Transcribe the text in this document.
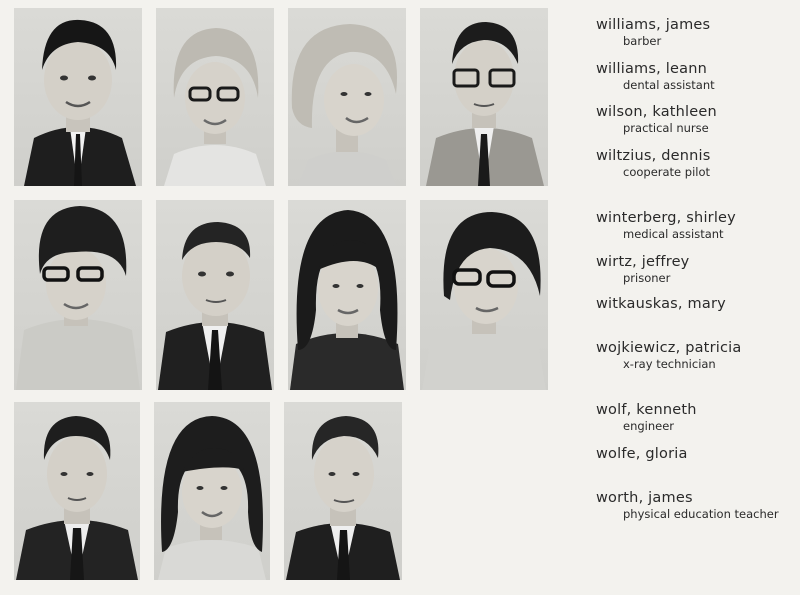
williams, james
barber
williams, leann
dental assistant
wilson, kathleen
practical nurse
wiltzius, dennis
cooperate pilot
winterberg, shirley
medical assistant
wirtz, jeffrey
prisoner
witkauskas, mary
wojkiewicz, patricia
x-ray technician
wolf, kenneth
engineer
wolfe, gloria
worth, james
physical education teacher
